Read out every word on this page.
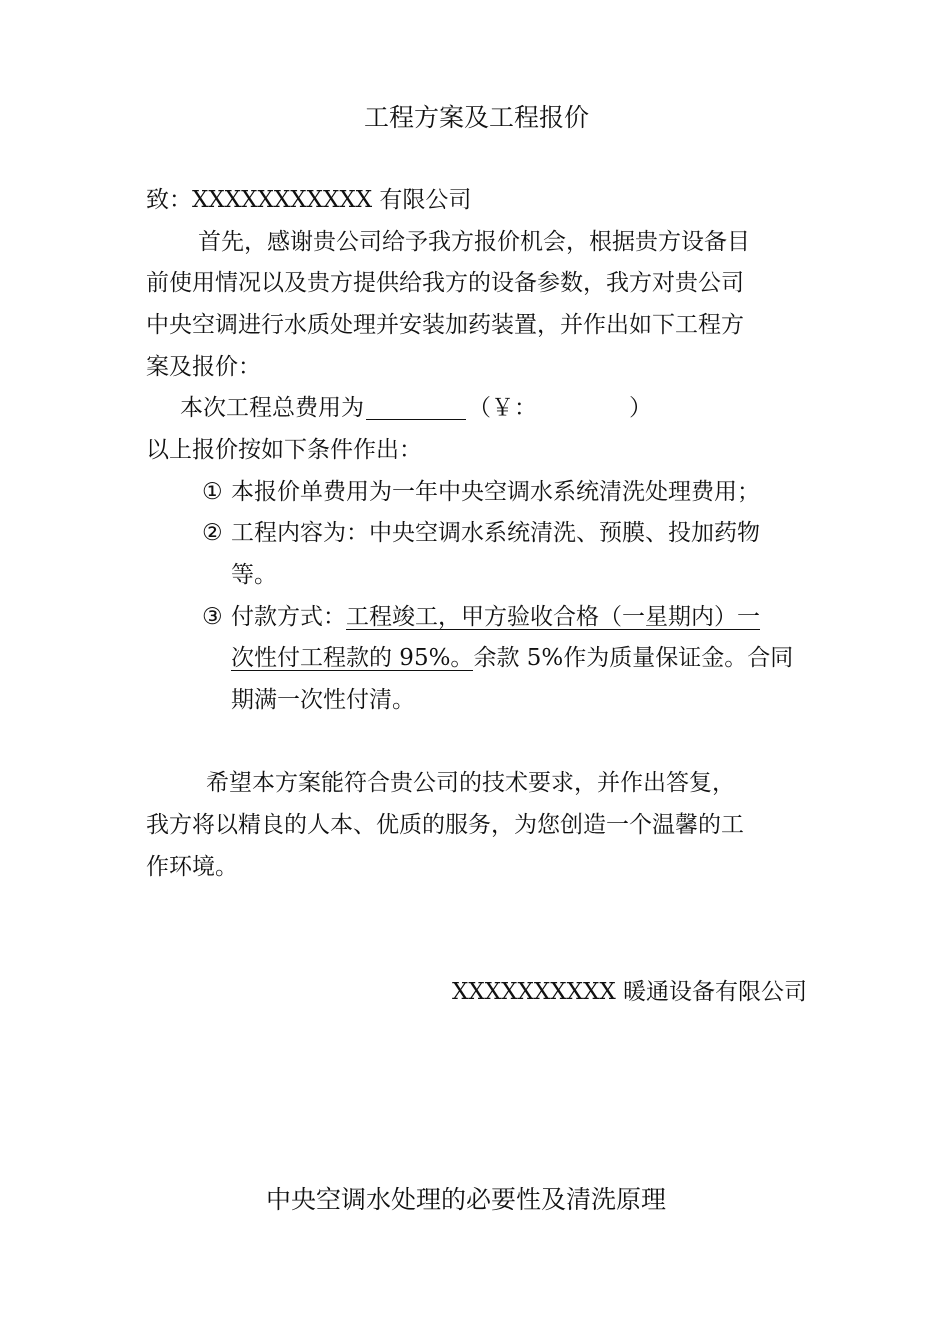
工程方案及工程报价
致：XXXXXXXXXXX 有限公司
首先，感谢贵公司给予我方报价机会，根据贵方设备目
前使用情况以及贵方提供给我方的设备参数，我方对贵公司
中央空调进行水质处理并安装加药装置，并作出如下工程方
案及报价：
本次工程总费用为	（￥：	）
以上报价按如下条件作出：
① 本报价单费用为一年中央空调水系统清洗处理费用；
② 工程内容为：中央空调水系统清洗、预膜、投加药物
等。
③ 付款方式：工程竣工，甲方验收合格（一星期内）一
次性付工程款的 95%。余款 5%作为质量保证金。合同
期满一次性付清。
希望本方案能符合贵公司的技术要求，并作出答复，
我方将以精良的人本、优质的服务，为您创造一个温馨的工
作环境。
XXXXXXXXXX 暖通设备有限公司
中央空调水处理的必要性及清洗原理
